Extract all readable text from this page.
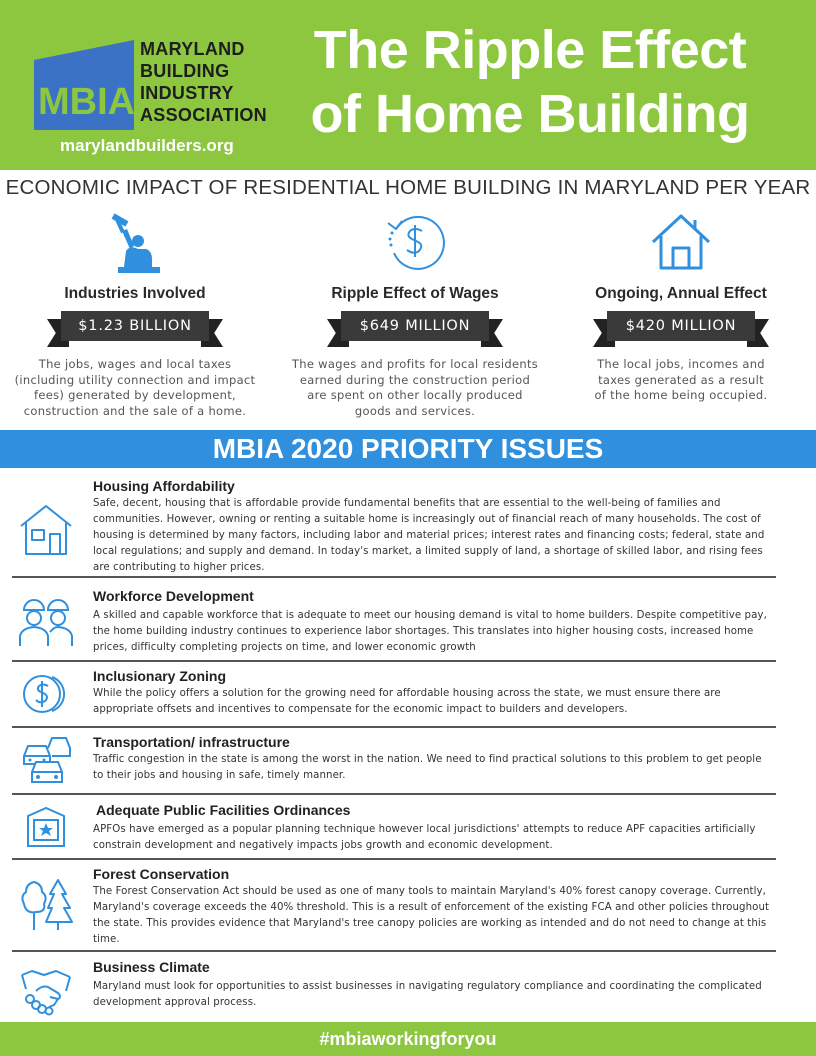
MBIA
MARYLAND
BUILDING
INDUSTRY
ASSOCIATION
marylandbuilders.org
The Ripple Effect
of Home Building
ECONOMIC IMPACT OF RESIDENTIAL HOME BUILDING IN MARYLAND PER YEAR
Industries Involved
$1.23 BILLION
The jobs, wages and local taxes
(including utility connection and impact
fees) generated by development,
construction and the sale of a home.
Ripple Effect of Wages
$649 MILLION
The wages and profits for local residents
earned during the construction period
are spent on other locally produced
goods and services.
Ongoing, Annual Effect
$420 MILLION
The local jobs, incomes and
taxes generated as a result
of the home being occupied.
MBIA 2020 PRIORITY ISSUES
Housing Affordability
Safe, decent, housing that is affordable provide fundamental benefits that are essential to the well-being of families and communities. However, owning or renting a suitable home is increasingly out of financial reach of many households. The cost of housing is determined by many factors, including labor and material prices; interest rates and financing costs; federal, state and local regulations; and supply and demand. In today's market, a limited supply of land, a shortage of skilled labor, and rising fees are contributing to higher prices.
Workforce Development
A skilled and capable workforce that is adequate to meet our housing demand is vital to home builders. Despite competitive pay, the home building industry continues to experience labor shortages. This translates into higher housing costs, increased home prices, difficulty completing projects on time, and lower economic growth
Inclusionary Zoning
While the policy offers a solution for the growing need for affordable housing across the state, we must ensure there are appropriate offsets and incentives to compensate for the economic impact to builders and developers.
Transportation/ infrastructure
Traffic congestion in the state is among the worst in the nation. We need to find practical solutions to this problem to get people to their jobs and housing in safe, timely manner.
Adequate Public Facilities Ordinances
APFOs have emerged as a popular planning technique however local jurisdictions' attempts to reduce APF capacities artificially constrain development and negatively impacts jobs growth and economic development.
Forest Conservation
The Forest Conservation Act should be used as one of many tools to maintain Maryland's 40% forest canopy coverage. Currently, Maryland's coverage exceeds the 40% threshold. This is a result of enforcement of the existing FCA and other policies throughout the state. This provides evidence that Maryland's tree canopy policies are working as intended and do not need to change at this time.
Business Climate
Maryland must look for opportunities to assist businesses in navigating regulatory compliance and coordinating the complicated development approval process.
#mbiaworkingforyou
